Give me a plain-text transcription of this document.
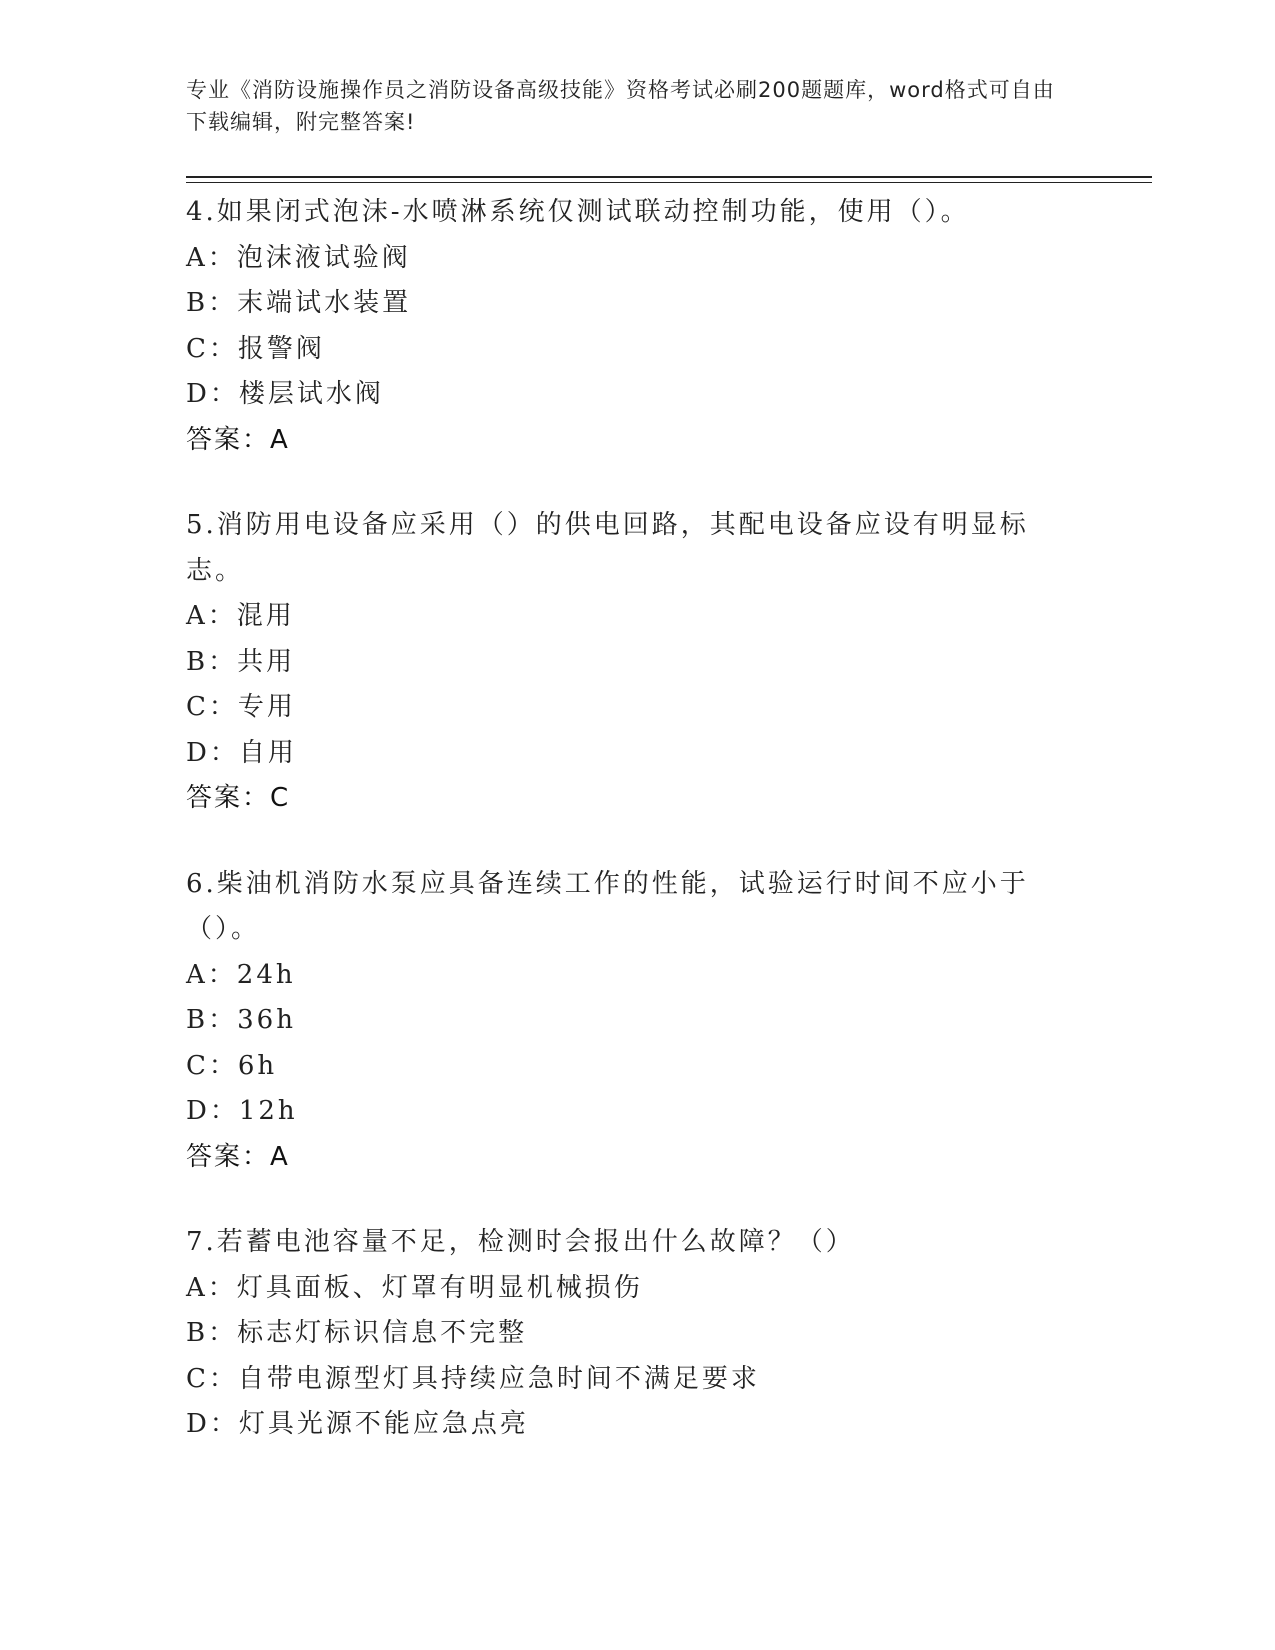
专业《消防设施操作员之消防设备高级技能》资格考试必刷200题题库，word格式可自由下载编辑，附完整答案!
4.如果闭式泡沫-水喷淋系统仅测试联动控制功能，使用（）。
A：泡沫液试验阀
B：末端试水装置
C：报警阀
D：楼层试水阀
答案：A
5.消防用电设备应采用（）的供电回路，其配电设备应设有明显标志。
A：混用
B：共用
C：专用
D：自用
答案：C
6.柴油机消防水泵应具备连续工作的性能，试验运行时间不应小于（）。
A：24h
B：36h
C：6h
D：12h
答案：A
7.若蓄电池容量不足，检测时会报出什么故障？（）
A：灯具面板、灯罩有明显机械损伤
B：标志灯标识信息不完整
C：自带电源型灯具持续应急时间不满足要求
D：灯具光源不能应急点亮
